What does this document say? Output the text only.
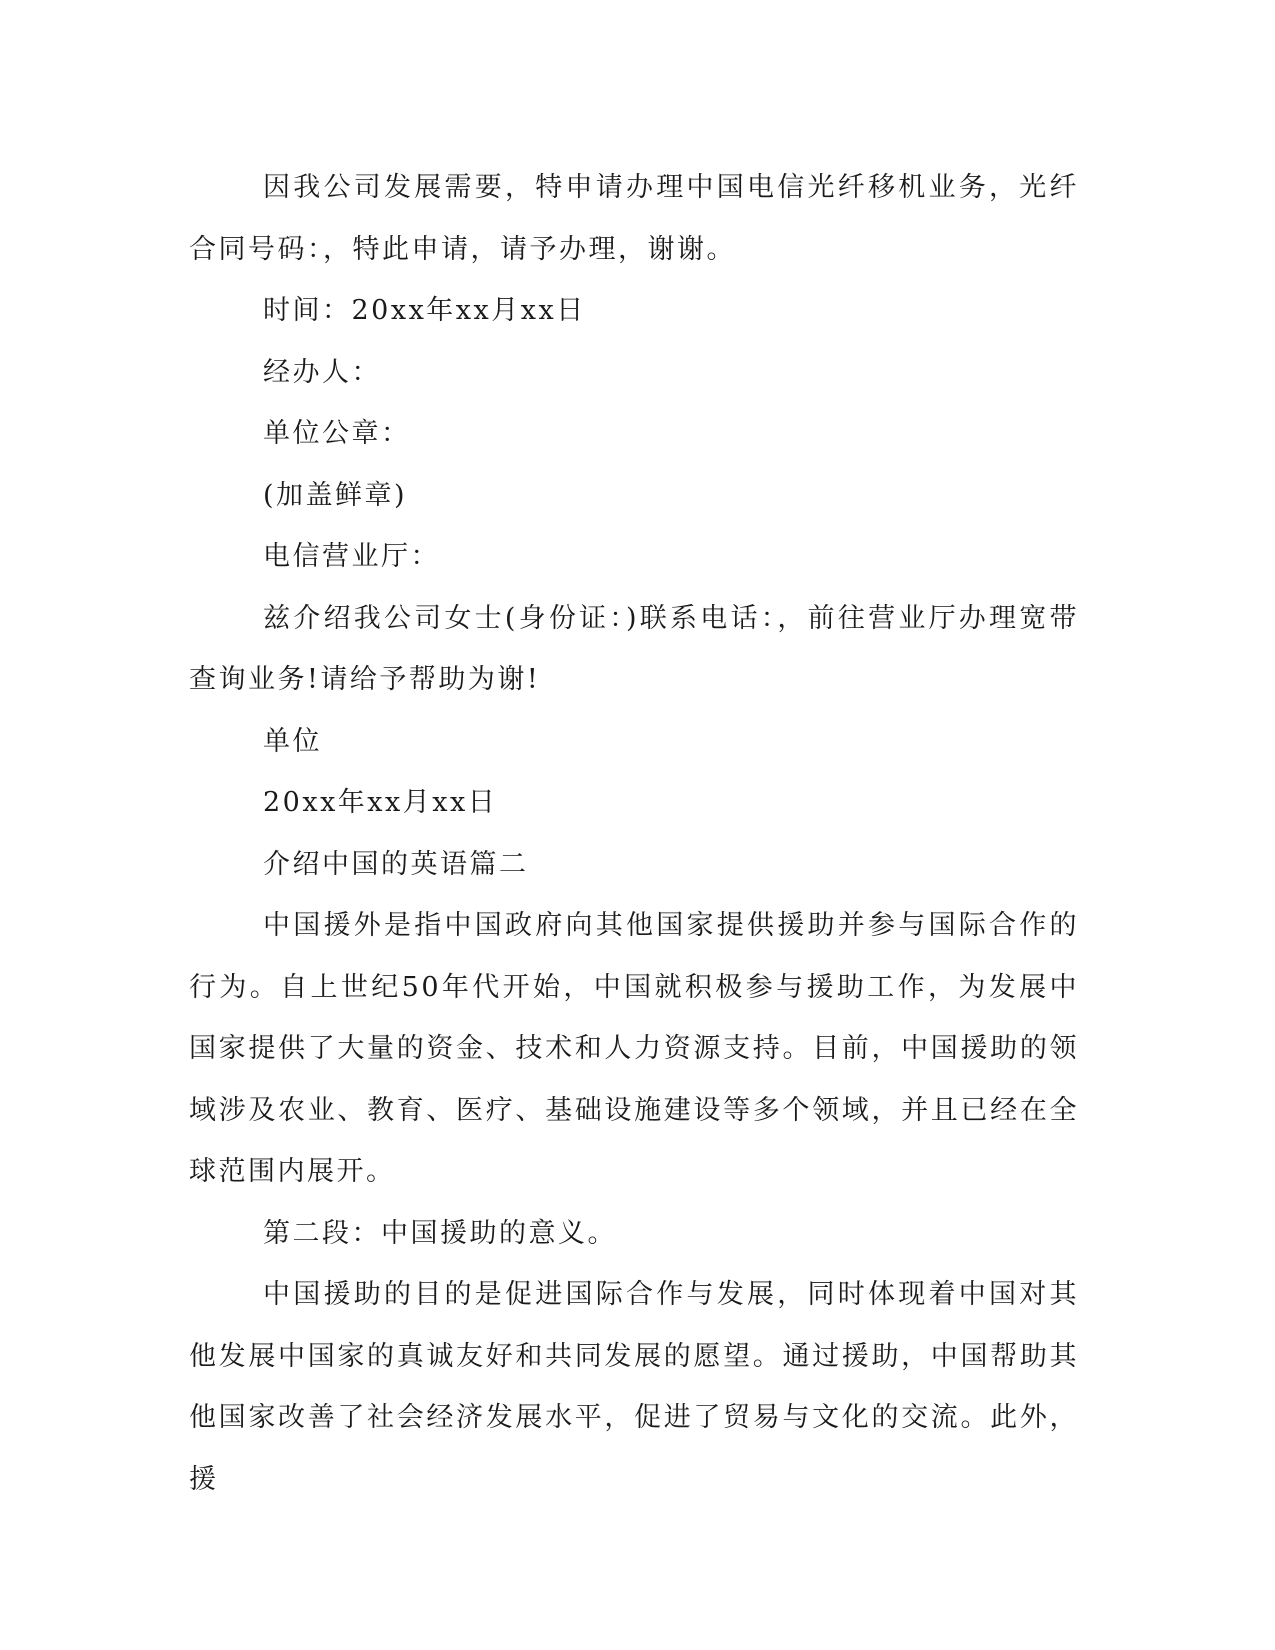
因我公司发展需要，特申请办理中国电信光纤移机业务，光纤合同号码：，特此申请，请予办理，谢谢。

时间：20xx年xx月xx日

经办人：

单位公章：

(加盖鲜章)

电信营业厅：

兹介绍我公司女士(身份证：)联系电话：，前往营业厅办理宽带查询业务!请给予帮助为谢!

单位

20xx年xx月xx日

介绍中国的英语篇二

中国援外是指中国政府向其他国家提供援助并参与国际合作的行为。自上世纪50年代开始，中国就积极参与援助工作，为发展中国家提供了大量的资金、技术和人力资源支持。目前，中国援助的领域涉及农业、教育、医疗、基础设施建设等多个领域，并且已经在全球范围内展开。

第二段：中国援助的意义。

中国援助的目的是促进国际合作与发展，同时体现着中国对其他发展中国家的真诚友好和共同发展的愿望。通过援助，中国帮助其他国家改善了社会经济发展水平，促进了贸易与文化的交流。此外，援
